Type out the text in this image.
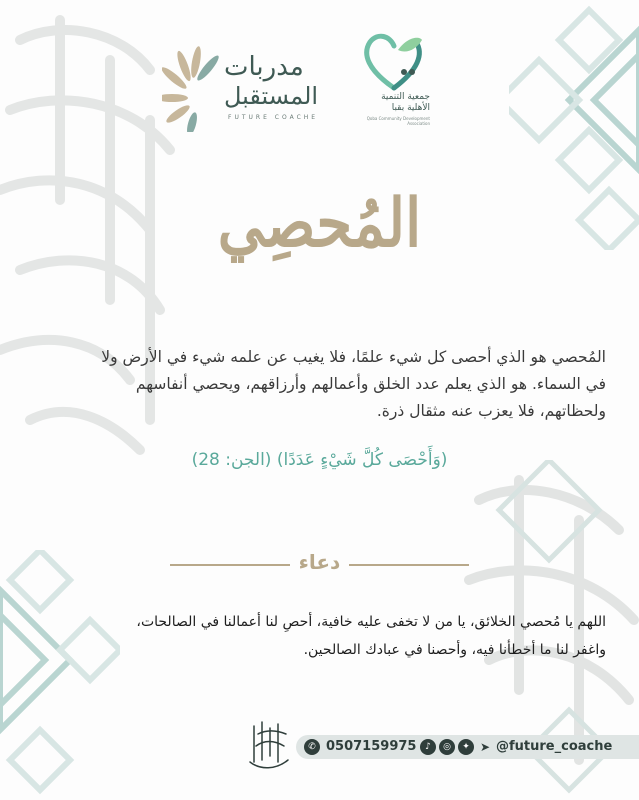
مدربات
المستقبل
FUTURE COACHE
جمعية التنمية الأهلية بقبا
Qoba Community Development Association
المُحصِي
المُحصي هو الذي أحصى كل شيء علمًا، فلا يغيب عن علمه شيء في الأرض ولا في السماء. هو الذي يعلم عدد الخلق وأعمالهم وأرزاقهم، ويحصي أنفاسهم ولحظاتهم، فلا يعزب عنه مثقال ذرة.
(وَأَحْصَى كُلَّ شَيْءٍ عَدَدًا) (الجن: 28)
دعاء
اللهم يا مُحصي الخلائق، يا من لا تخفى عليه خافية، أحصِ لنا أعمالنا في الصالحات، واغفر لنا ما أخطأنا فيه، وأحصنا في عبادك الصالحين.
✆ 0507159975 ♪	◎	✦ ➤ @future_coache
